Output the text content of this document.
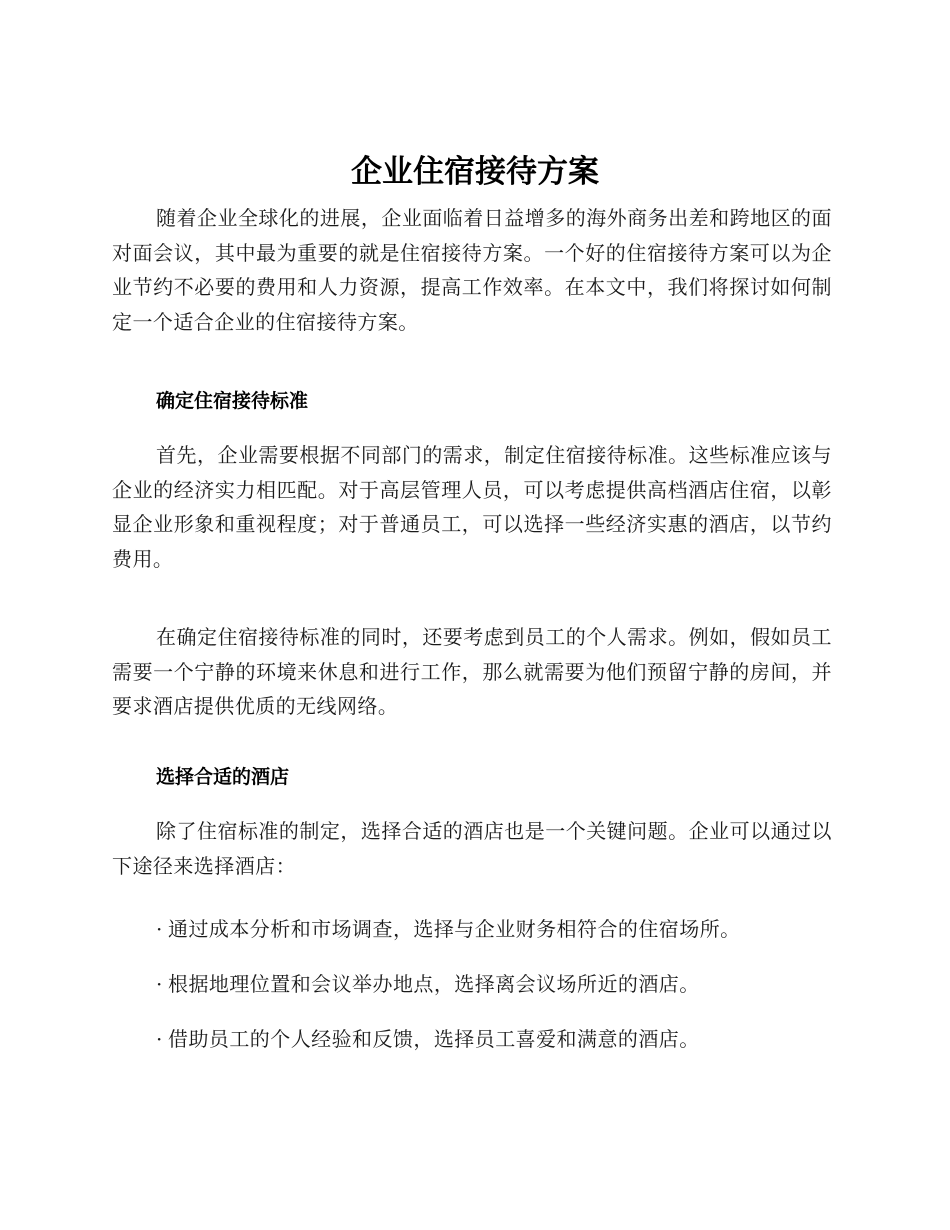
企业住宿接待方案

随着企业全球化的进展，企业面临着日益增多的海外商务出差和跨地区的面对面会议，其中最为重要的就是住宿接待方案。一个好的住宿接待方案可以为企业节约不必要的费用和人力资源，提高工作效率。在本文中，我们将探讨如何制定一个适合企业的住宿接待方案。

确定住宿接待标准

首先，企业需要根据不同部门的需求，制定住宿接待标准。这些标准应该与企业的经济实力相匹配。对于高层管理人员，可以考虑提供高档酒店住宿，以彰显企业形象和重视程度；对于普通员工，可以选择一些经济实惠的酒店，以节约费用。

在确定住宿接待标准的同时，还要考虑到员工的个人需求。例如，假如员工需要一个宁静的环境来休息和进行工作，那么就需要为他们预留宁静的房间，并要求酒店提供优质的无线网络。

选择合适的酒店

除了住宿标准的制定，选择合适的酒店也是一个关键问题。企业可以通过以下途径来选择酒店：

· 通过成本分析和市场调查，选择与企业财务相符合的住宿场所。

· 根据地理位置和会议举办地点，选择离会议场所近的酒店。

· 借助员工的个人经验和反馈，选择员工喜爱和满意的酒店。
